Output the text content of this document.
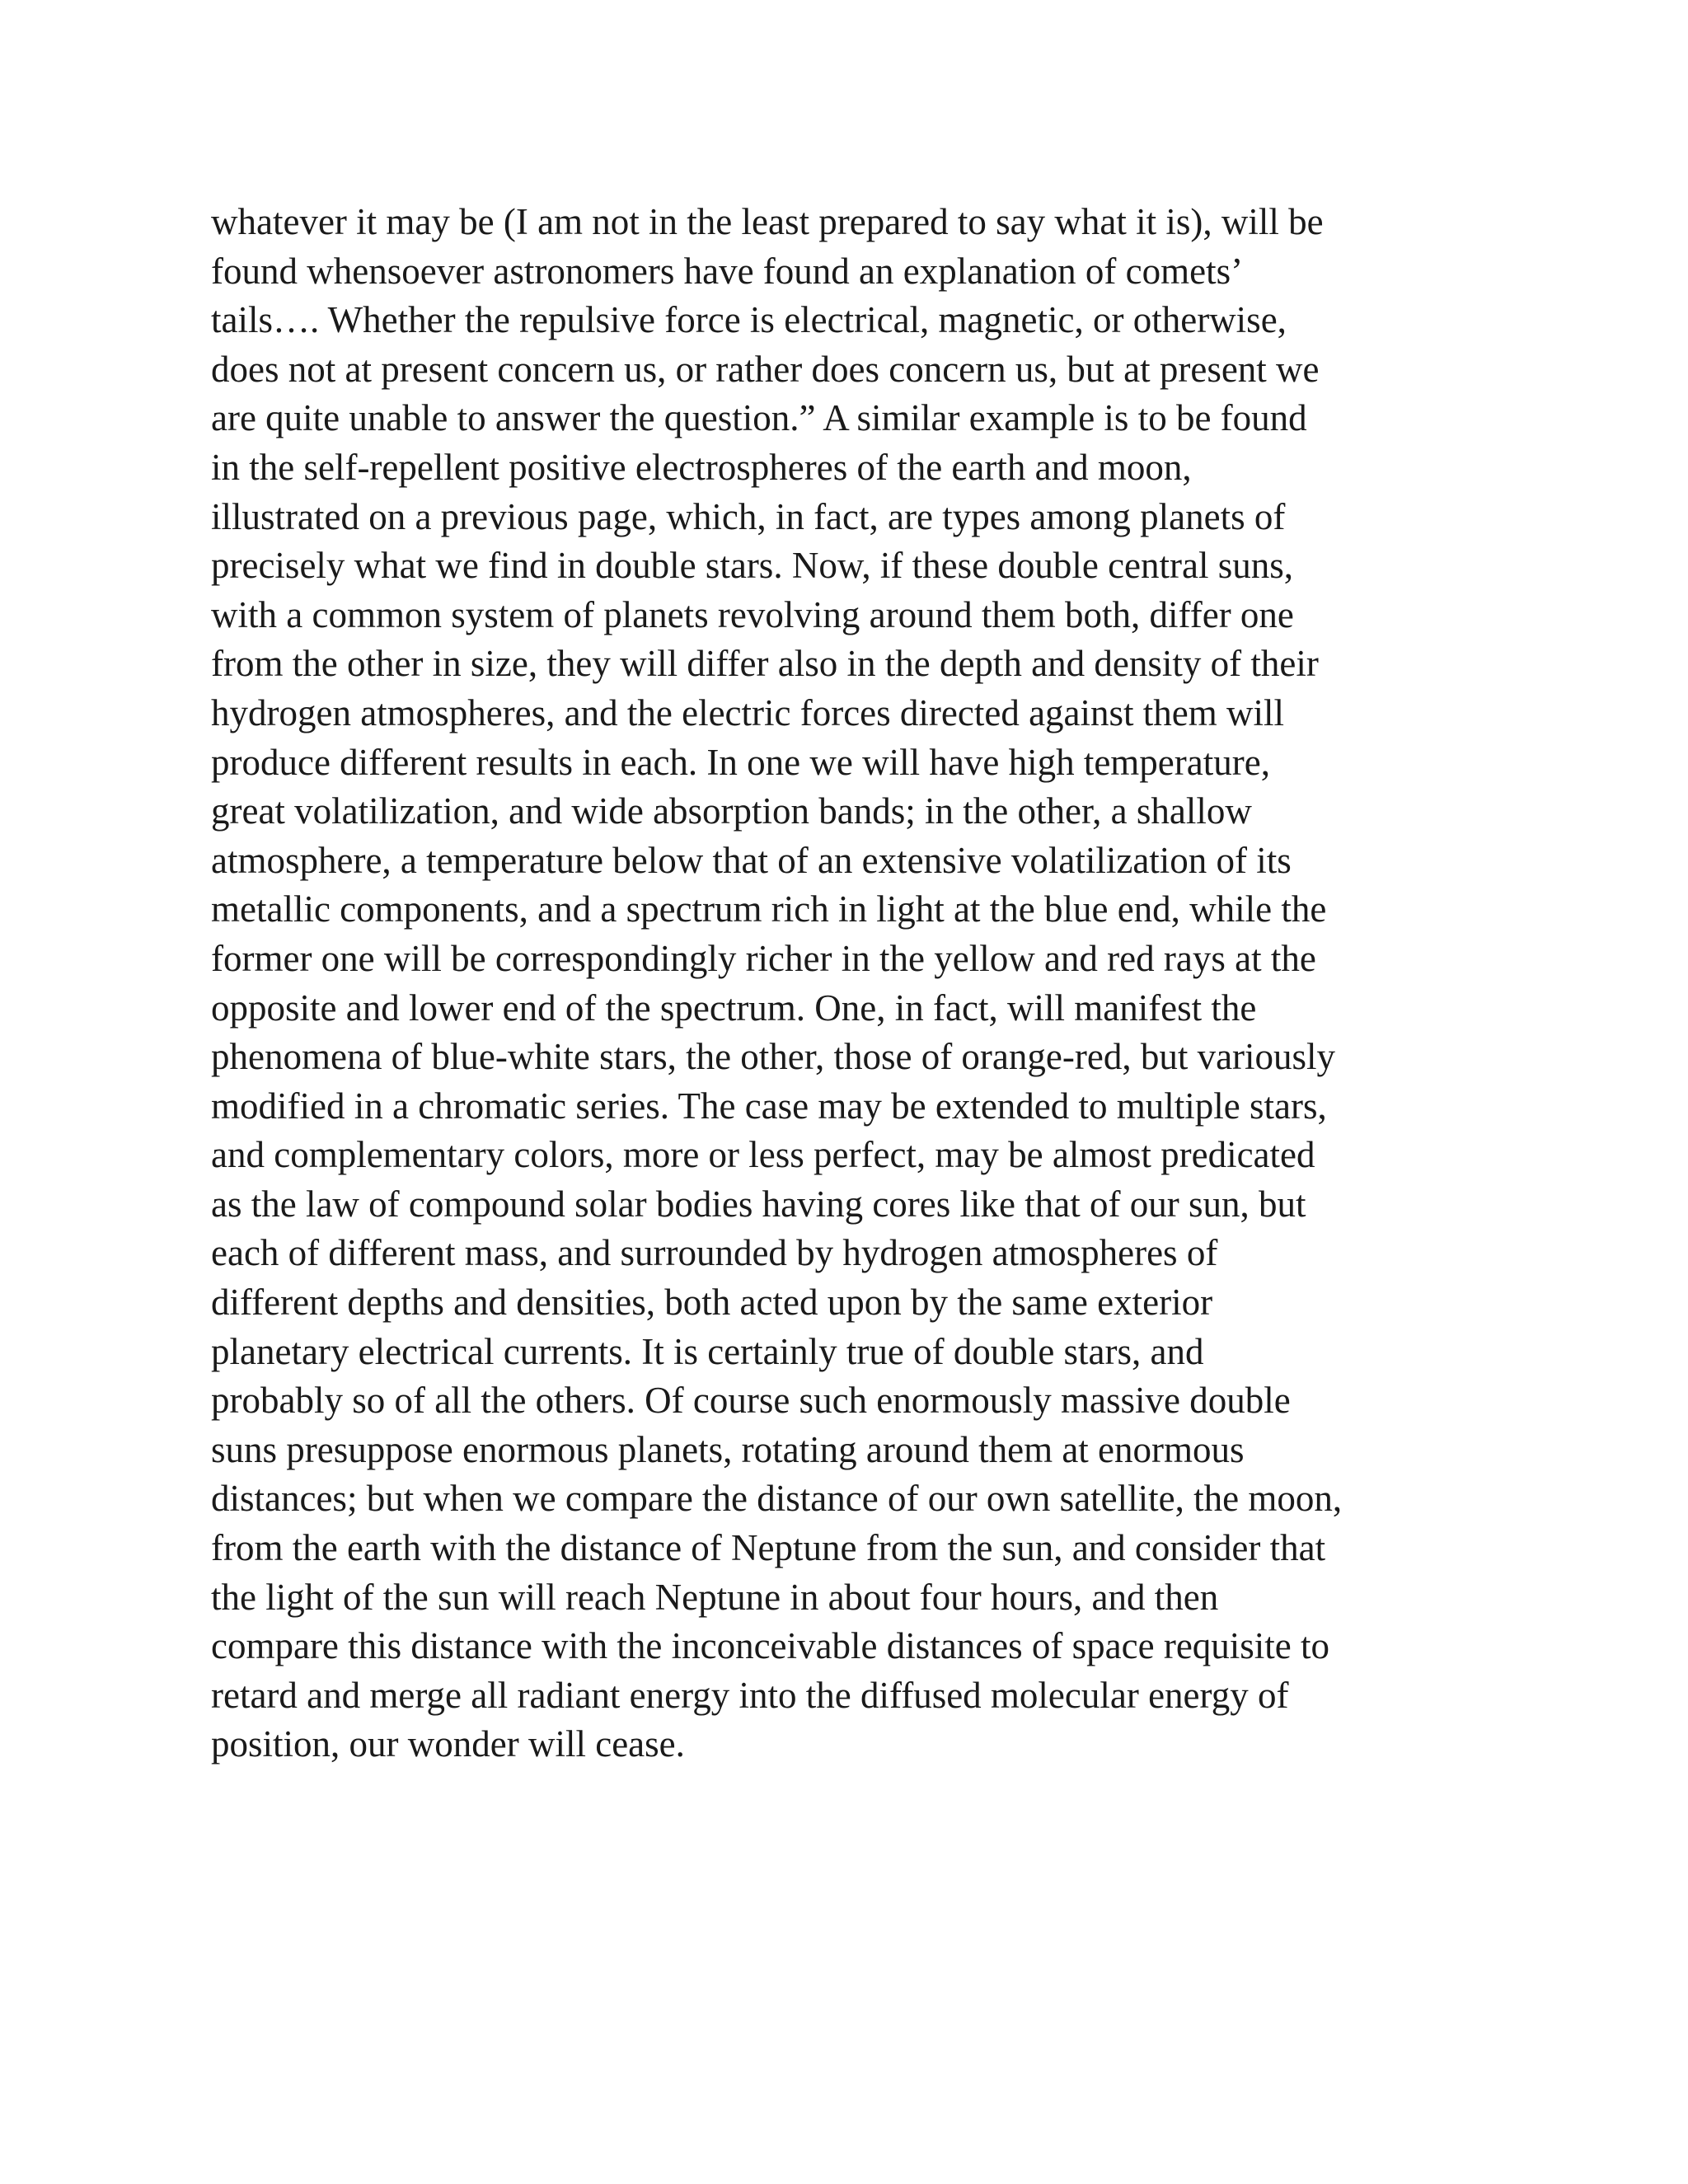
whatever it may be (I am not in the least prepared to say what it is), will be
found whensoever astronomers have found an explanation of comets’
tails…. Whether the repulsive force is electrical, magnetic, or otherwise,
does not at present concern us, or rather does concern us, but at present we
are quite unable to answer the question.” A similar example is to be found
in the self-repellent positive electrospheres of the earth and moon,
illustrated on a previous page, which, in fact, are types among planets of
precisely what we find in double stars. Now, if these double central suns,
with a common system of planets revolving around them both, differ one
from the other in size, they will differ also in the depth and density of their
hydrogen atmospheres, and the electric forces directed against them will
produce different results in each. In one we will have high temperature,
great volatilization, and wide absorption bands; in the other, a shallow
atmosphere, a temperature below that of an extensive volatilization of its
metallic components, and a spectrum rich in light at the blue end, while the
former one will be correspondingly richer in the yellow and red rays at the
opposite and lower end of the spectrum. One, in fact, will manifest the
phenomena of blue-white stars, the other, those of orange-red, but variously
modified in a chromatic series. The case may be extended to multiple stars,
and complementary colors, more or less perfect, may be almost predicated
as the law of compound solar bodies having cores like that of our sun, but
each of different mass, and surrounded by hydrogen atmospheres of
different depths and densities, both acted upon by the same exterior
planetary electrical currents. It is certainly true of double stars, and
probably so of all the others. Of course such enormously massive double
suns presuppose enormous planets, rotating around them at enormous
distances; but when we compare the distance of our own satellite, the moon,
from the earth with the distance of Neptune from the sun, and consider that
the light of the sun will reach Neptune in about four hours, and then
compare this distance with the inconceivable distances of space requisite to
retard and merge all radiant energy into the diffused molecular energy of
position, our wonder will cease.
